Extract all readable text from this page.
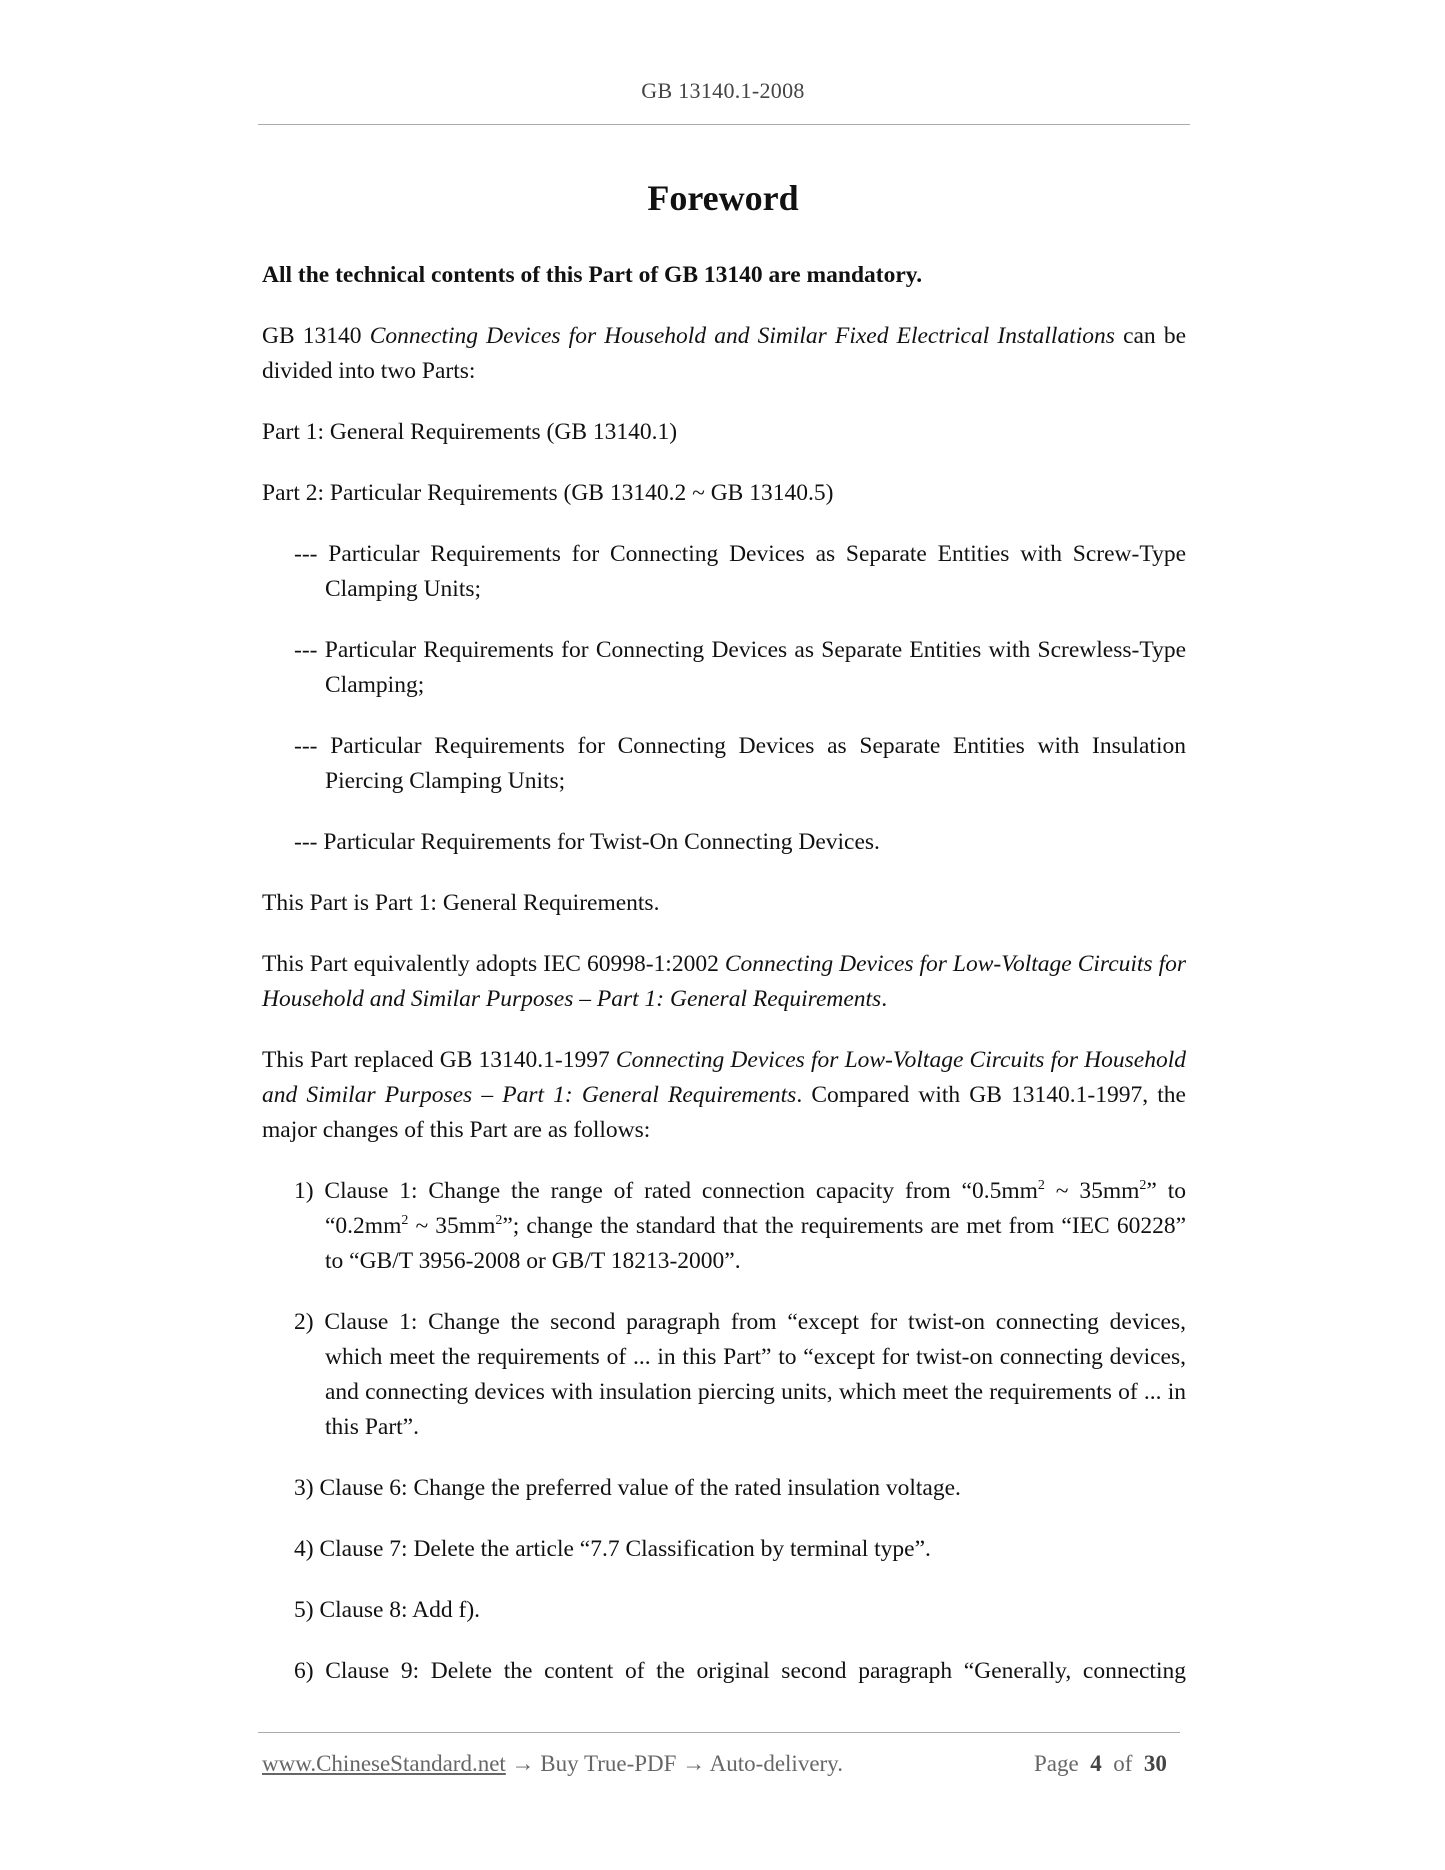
GB 13140.1-2008
Foreword

All the technical contents of this Part of GB 13140 are mandatory.

GB 13140 Connecting Devices for Household and Similar Fixed Electrical Installations can be divided into two Parts:

Part 1: General Requirements (GB 13140.1)

Part 2: Particular Requirements (GB 13140.2 ~ GB 13140.5)

--- Particular Requirements for Connecting Devices as Separate Entities with Screw-Type Clamping Units;

--- Particular Requirements for Connecting Devices as Separate Entities with Screwless-Type Clamping;

--- Particular Requirements for Connecting Devices as Separate Entities with Insulation Piercing Clamping Units;

--- Particular Requirements for Twist-On Connecting Devices.

This Part is Part 1: General Requirements.

This Part equivalently adopts IEC 60998-1:2002 Connecting Devices for Low-Voltage Circuits for Household and Similar Purposes – Part 1: General Requirements.

This Part replaced GB 13140.1-1997 Connecting Devices for Low-Voltage Circuits for Household and Similar Purposes – Part 1: General Requirements. Compared with GB 13140.1-1997, the major changes of this Part are as follows:

1) Clause 1: Change the range of rated connection capacity from “$0.5mm^2$ ~ $35mm^2$” to “$0.2mm^2$ ~ $35mm^2$”; change the standard that the requirements are met from “IEC 60228” to “GB/T 3956-2008 or GB/T 18213-2000”.

2) Clause 1: Change the second paragraph from “except for twist-on connecting devices, which meet the requirements of ... in this Part” to “except for twist-on connecting devices, and connecting devices with insulation piercing units, which meet the requirements of ... in this Part”.

3) Clause 6: Change the preferred value of the rated insulation voltage.

4) Clause 7: Delete the article “7.7 Classification by terminal type”.

5) Clause 8: Add f).

6) Clause 9: Delete the content of the original second paragraph “Generally, connecting

www.ChineseStandard.net → Buy True-PDF → Auto-delivery.	Page 4 of 30
